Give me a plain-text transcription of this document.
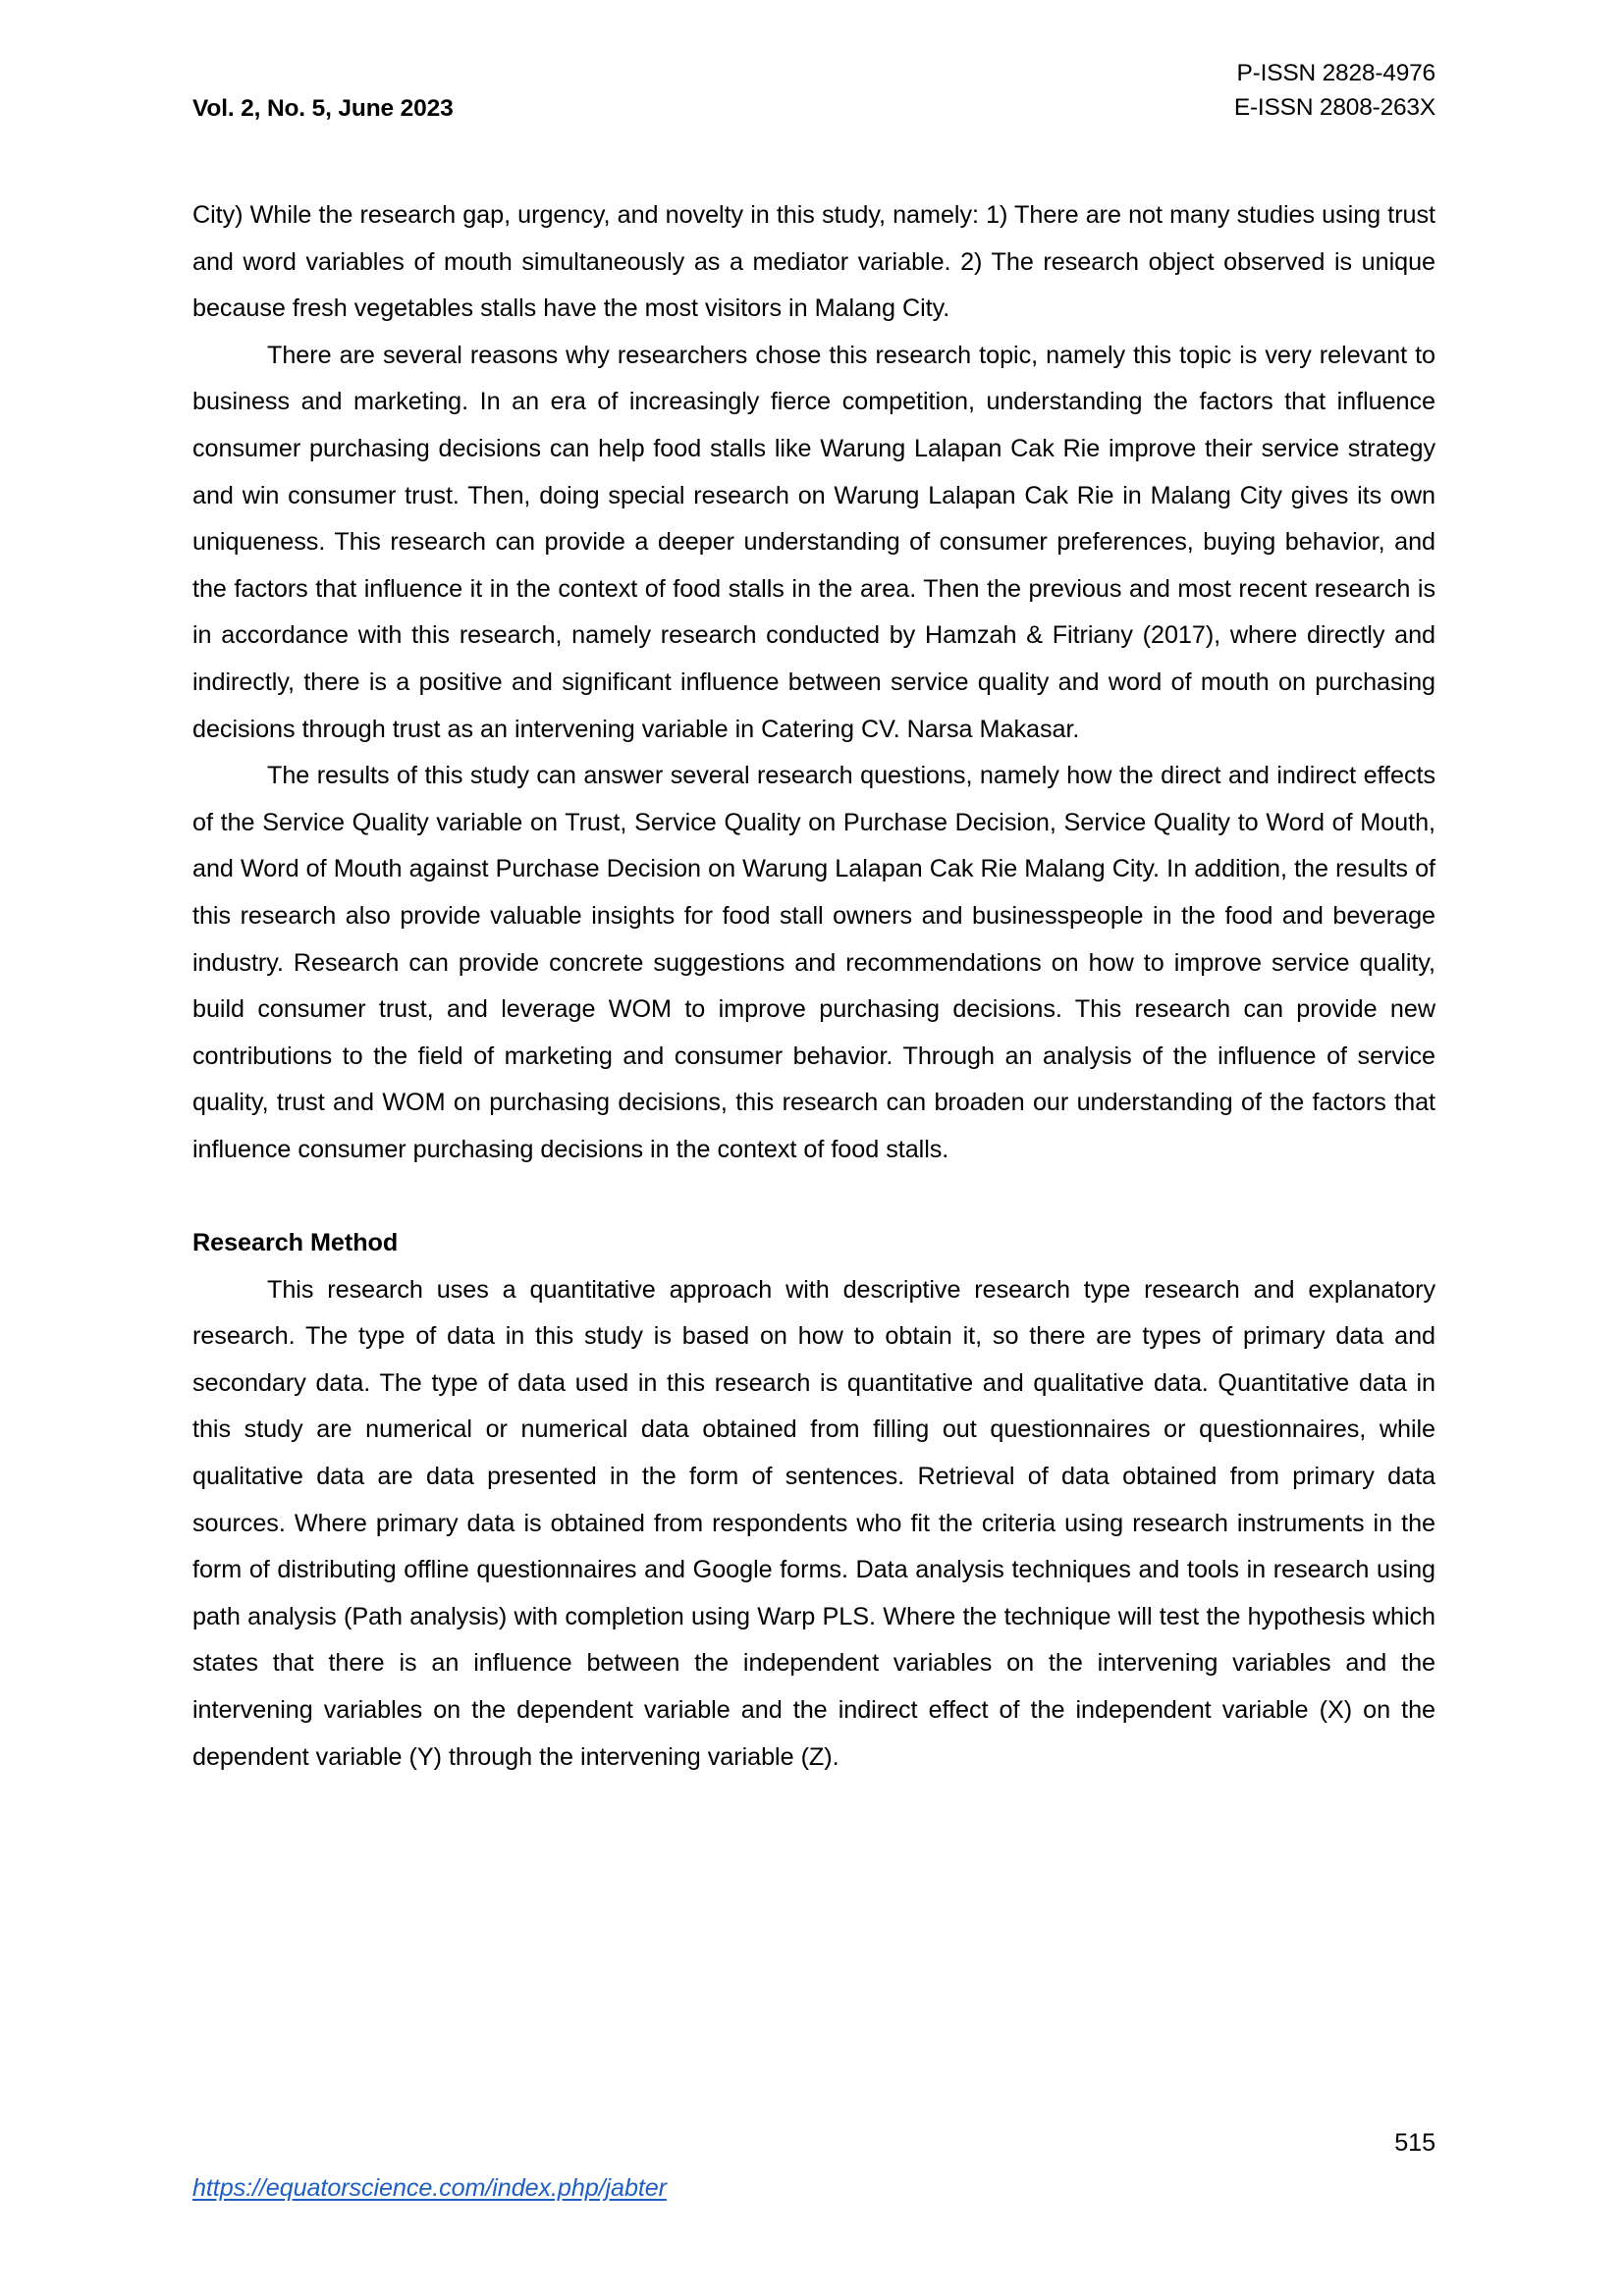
Vol. 2, No. 5, June 2023
P-ISSN 2828-4976
E-ISSN 2808-263X

City) While the research gap, urgency, and novelty in this study, namely: 1) There are not many studies using trust and word variables of mouth simultaneously as a mediator variable. 2) The research object observed is unique because fresh vegetables stalls have the most visitors in Malang City.

There are several reasons why researchers chose this research topic, namely this topic is very relevant to business and marketing. In an era of increasingly fierce competition, understanding the factors that influence consumer purchasing decisions can help food stalls like Warung Lalapan Cak Rie improve their service strategy and win consumer trust. Then, doing special research on Warung Lalapan Cak Rie in Malang City gives its own uniqueness. This research can provide a deeper understanding of consumer preferences, buying behavior, and the factors that influence it in the context of food stalls in the area. Then the previous and most recent research is in accordance with this research, namely research conducted by Hamzah & Fitriany (2017), where directly and indirectly, there is a positive and significant influence between service quality and word of mouth on purchasing decisions through trust as an intervening variable in Catering CV. Narsa Makasar.

The results of this study can answer several research questions, namely how the direct and indirect effects of the Service Quality variable on Trust, Service Quality on Purchase Decision, Service Quality to Word of Mouth, and Word of Mouth against Purchase Decision on Warung Lalapan Cak Rie Malang City. In addition, the results of this research also provide valuable insights for food stall owners and businesspeople in the food and beverage industry. Research can provide concrete suggestions and recommendations on how to improve service quality, build consumer trust, and leverage WOM to improve purchasing decisions. This research can provide new contributions to the field of marketing and consumer behavior. Through an analysis of the influence of service quality, trust and WOM on purchasing decisions, this research can broaden our understanding of the factors that influence consumer purchasing decisions in the context of food stalls.

Research Method

This research uses a quantitative approach with descriptive research type research and explanatory research. The type of data in this study is based on how to obtain it, so there are types of primary data and secondary data. The type of data used in this research is quantitative and qualitative data. Quantitative data in this study are numerical or numerical data obtained from filling out questionnaires or questionnaires, while qualitative data are data presented in the form of sentences. Retrieval of data obtained from primary data sources. Where primary data is obtained from respondents who fit the criteria using research instruments in the form of distributing offline questionnaires and Google forms. Data analysis techniques and tools in research using path analysis (Path analysis) with completion using Warp PLS. Where the technique will test the hypothesis which states that there is an influence between the independent variables on the intervening variables and the intervening variables on the dependent variable and the indirect effect of the independent variable (X) on the dependent variable (Y) through the intervening variable (Z).

515
https://equatorscience.com/index.php/jabter
